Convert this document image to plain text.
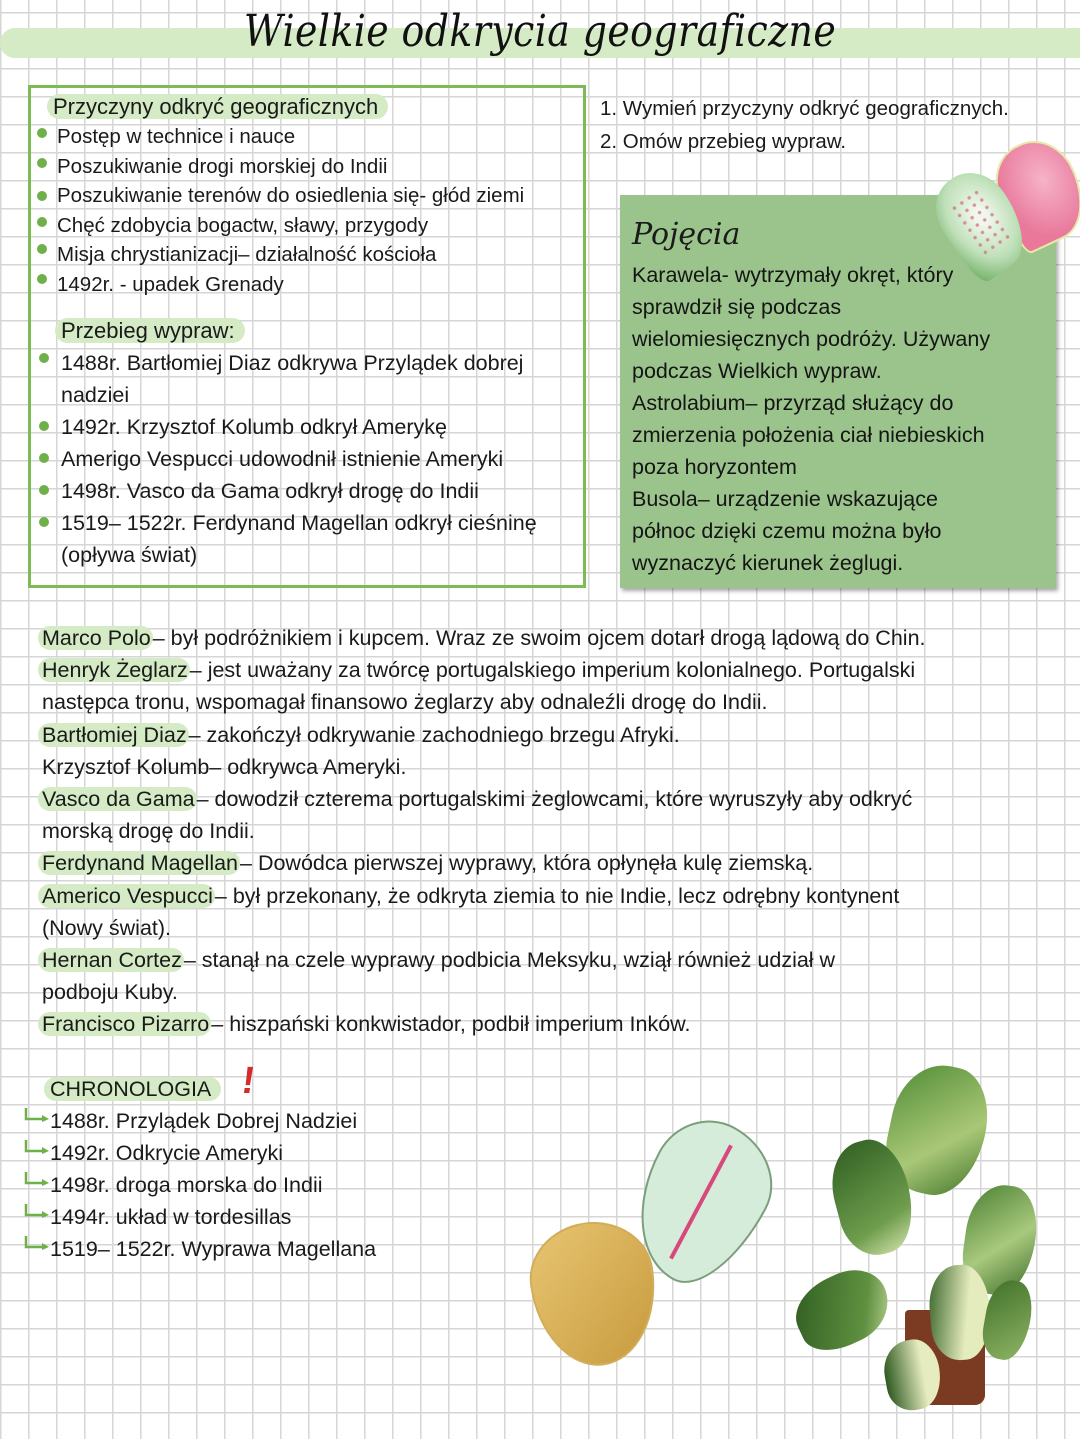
Wielkie odkrycia geograficzne
Przyczyny odkryć geograficznych
Postęp w technice i nauce
Poszukiwanie drogi morskiej do Indii
Poszukiwanie terenów do osiedlenia się- głód ziemi
Chęć zdobycia bogactw, sławy, przygody
Misja chrystianizacji– działalność kościoła
1492r. - upadek Grenady
Przebieg wypraw:
1488r. Bartłomiej Diaz odkrywa Przylądek dobrej nadziei
1492r. Krzysztof Kolumb odkrył Amerykę
Amerigo Vespucci udowodnił istnienie Ameryki
1498r. Vasco da Gama odkrył drogę do Indii
1519– 1522r. Ferdynand Magellan odkrył cieśninę (opływa świat)
1. Wymień przyczyny odkryć geograficznych.
2. Omów przebieg wypraw.
Pojęcia
Karawela- wytrzymały okręt, który
sprawdził się podczas
wielomiesięcznych podróży. Używany
podczas Wielkich wypraw.
Astrolabium– przyrząd służący do
zmierzenia położenia ciał niebieskich
poza horyzontem
Busola– urządzenie wskazujące
północ dzięki czemu można było
wyznaczyć kierunek żeglugi.
Marco Polo– był podróżnikiem i kupcem. Wraz ze swoim ojcem dotarł drogą lądową do Chin.
Henryk Żeglarz– jest uważany za twórcę portugalskiego imperium kolonialnego. Portugalski
następca tronu, wspomagał finansowo żeglarzy aby odnaleźli drogę do Indii.
Bartłomiej Diaz– zakończył odkrywanie zachodniego brzegu Afryki.
Krzysztof Kolumb– odkrywca Ameryki.
Vasco da Gama– dowodził czterema portugalskimi żeglowcami, które wyruszyły aby odkryć
morską drogę do Indii.
Ferdynand Magellan– Dowódca pierwszej wyprawy, która opłynęła kulę ziemską.
Americo Vespucci– był przekonany, że odkryta ziemia to nie Indie, lecz odrębny kontynent
(Nowy świat).
Hernan Cortez– stanął na czele wyprawy podbicia Meksyku, wziął również udział w
podboju Kuby.
Francisco Pizarro– hiszpański konkwistador, podbił imperium Inków.
CHRONOLOGIA !
1488r. Przylądek Dobrej Nadziei
1492r. Odkrycie Ameryki
1498r. droga morska do Indii
1494r. układ w tordesillas
1519– 1522r. Wyprawa Magellana
